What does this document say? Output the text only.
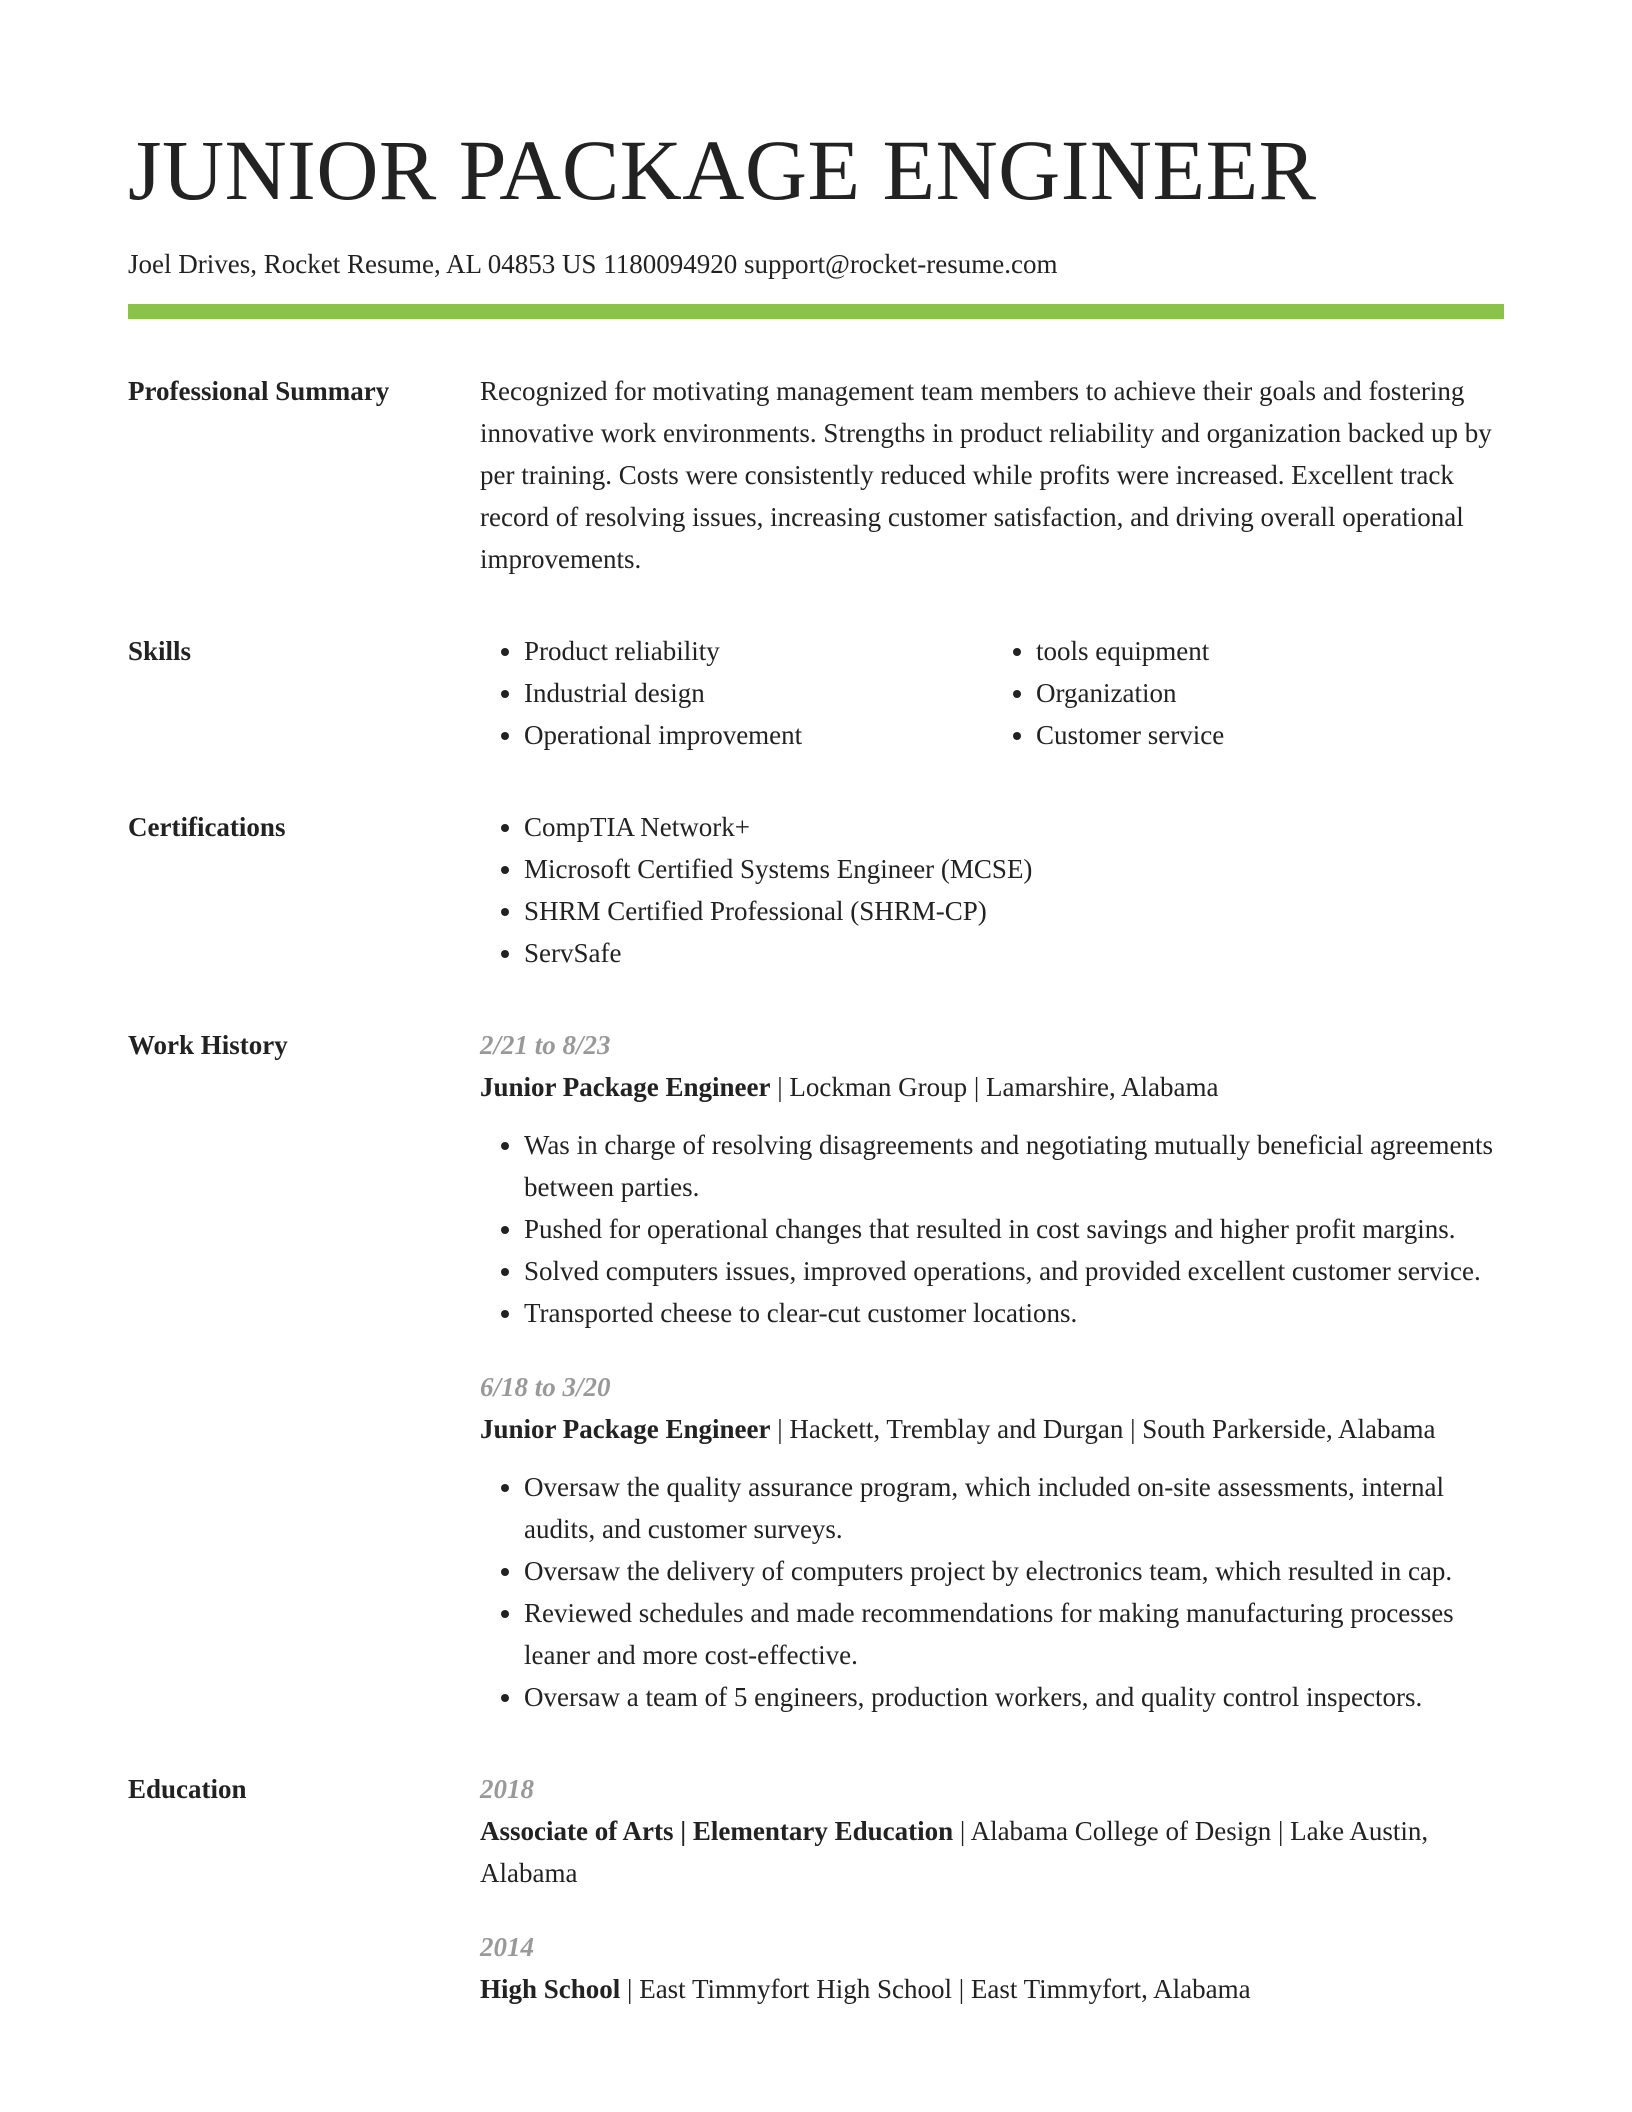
JUNIOR PACKAGE ENGINEER
Joel Drives, Rocket Resume, AL 04853 US 1180094920 support@rocket-resume.com
Professional Summary	Recognized for motivating management team members to achieve their goals and fostering innovative work environments. Strengths in product reliability and organization backed up by per training. Costs were consistently reduced while profits were increased. Excellent track record of resolving issues, increasing customer satisfaction, and driving overall operational improvements.
Skills	• Product reliability
• Industrial design
• Operational improvement
• tools equipment
• Organization
• Customer service
Certifications	• CompTIA Network+
• Microsoft Certified Systems Engineer (MCSE)
• SHRM Certified Professional (SHRM-CP)
• ServSafe
Work History	2/21 to 8/23
Junior Package Engineer | Lockman Group | Lamarshire, Alabama
• Was in charge of resolving disagreements and negotiating mutually beneficial agreements between parties.
• Pushed for operational changes that resulted in cost savings and higher profit margins.
• Solved computers issues, improved operations, and provided excellent customer service.
• Transported cheese to clear-cut customer locations.
6/18 to 3/20
Junior Package Engineer | Hackett, Tremblay and Durgan | South Parkerside, Alabama
• Oversaw the quality assurance program, which included on-site assessments, internal audits, and customer surveys.
• Oversaw the delivery of computers project by electronics team, which resulted in cap.
• Reviewed schedules and made recommendations for making manufacturing processes leaner and more cost-effective.
• Oversaw a team of 5 engineers, production workers, and quality control inspectors.
Education	2018
Associate of Arts | Elementary Education | Alabama College of Design | Lake Austin, Alabama
2014
High School | East Timmyfort High School | East Timmyfort, Alabama
